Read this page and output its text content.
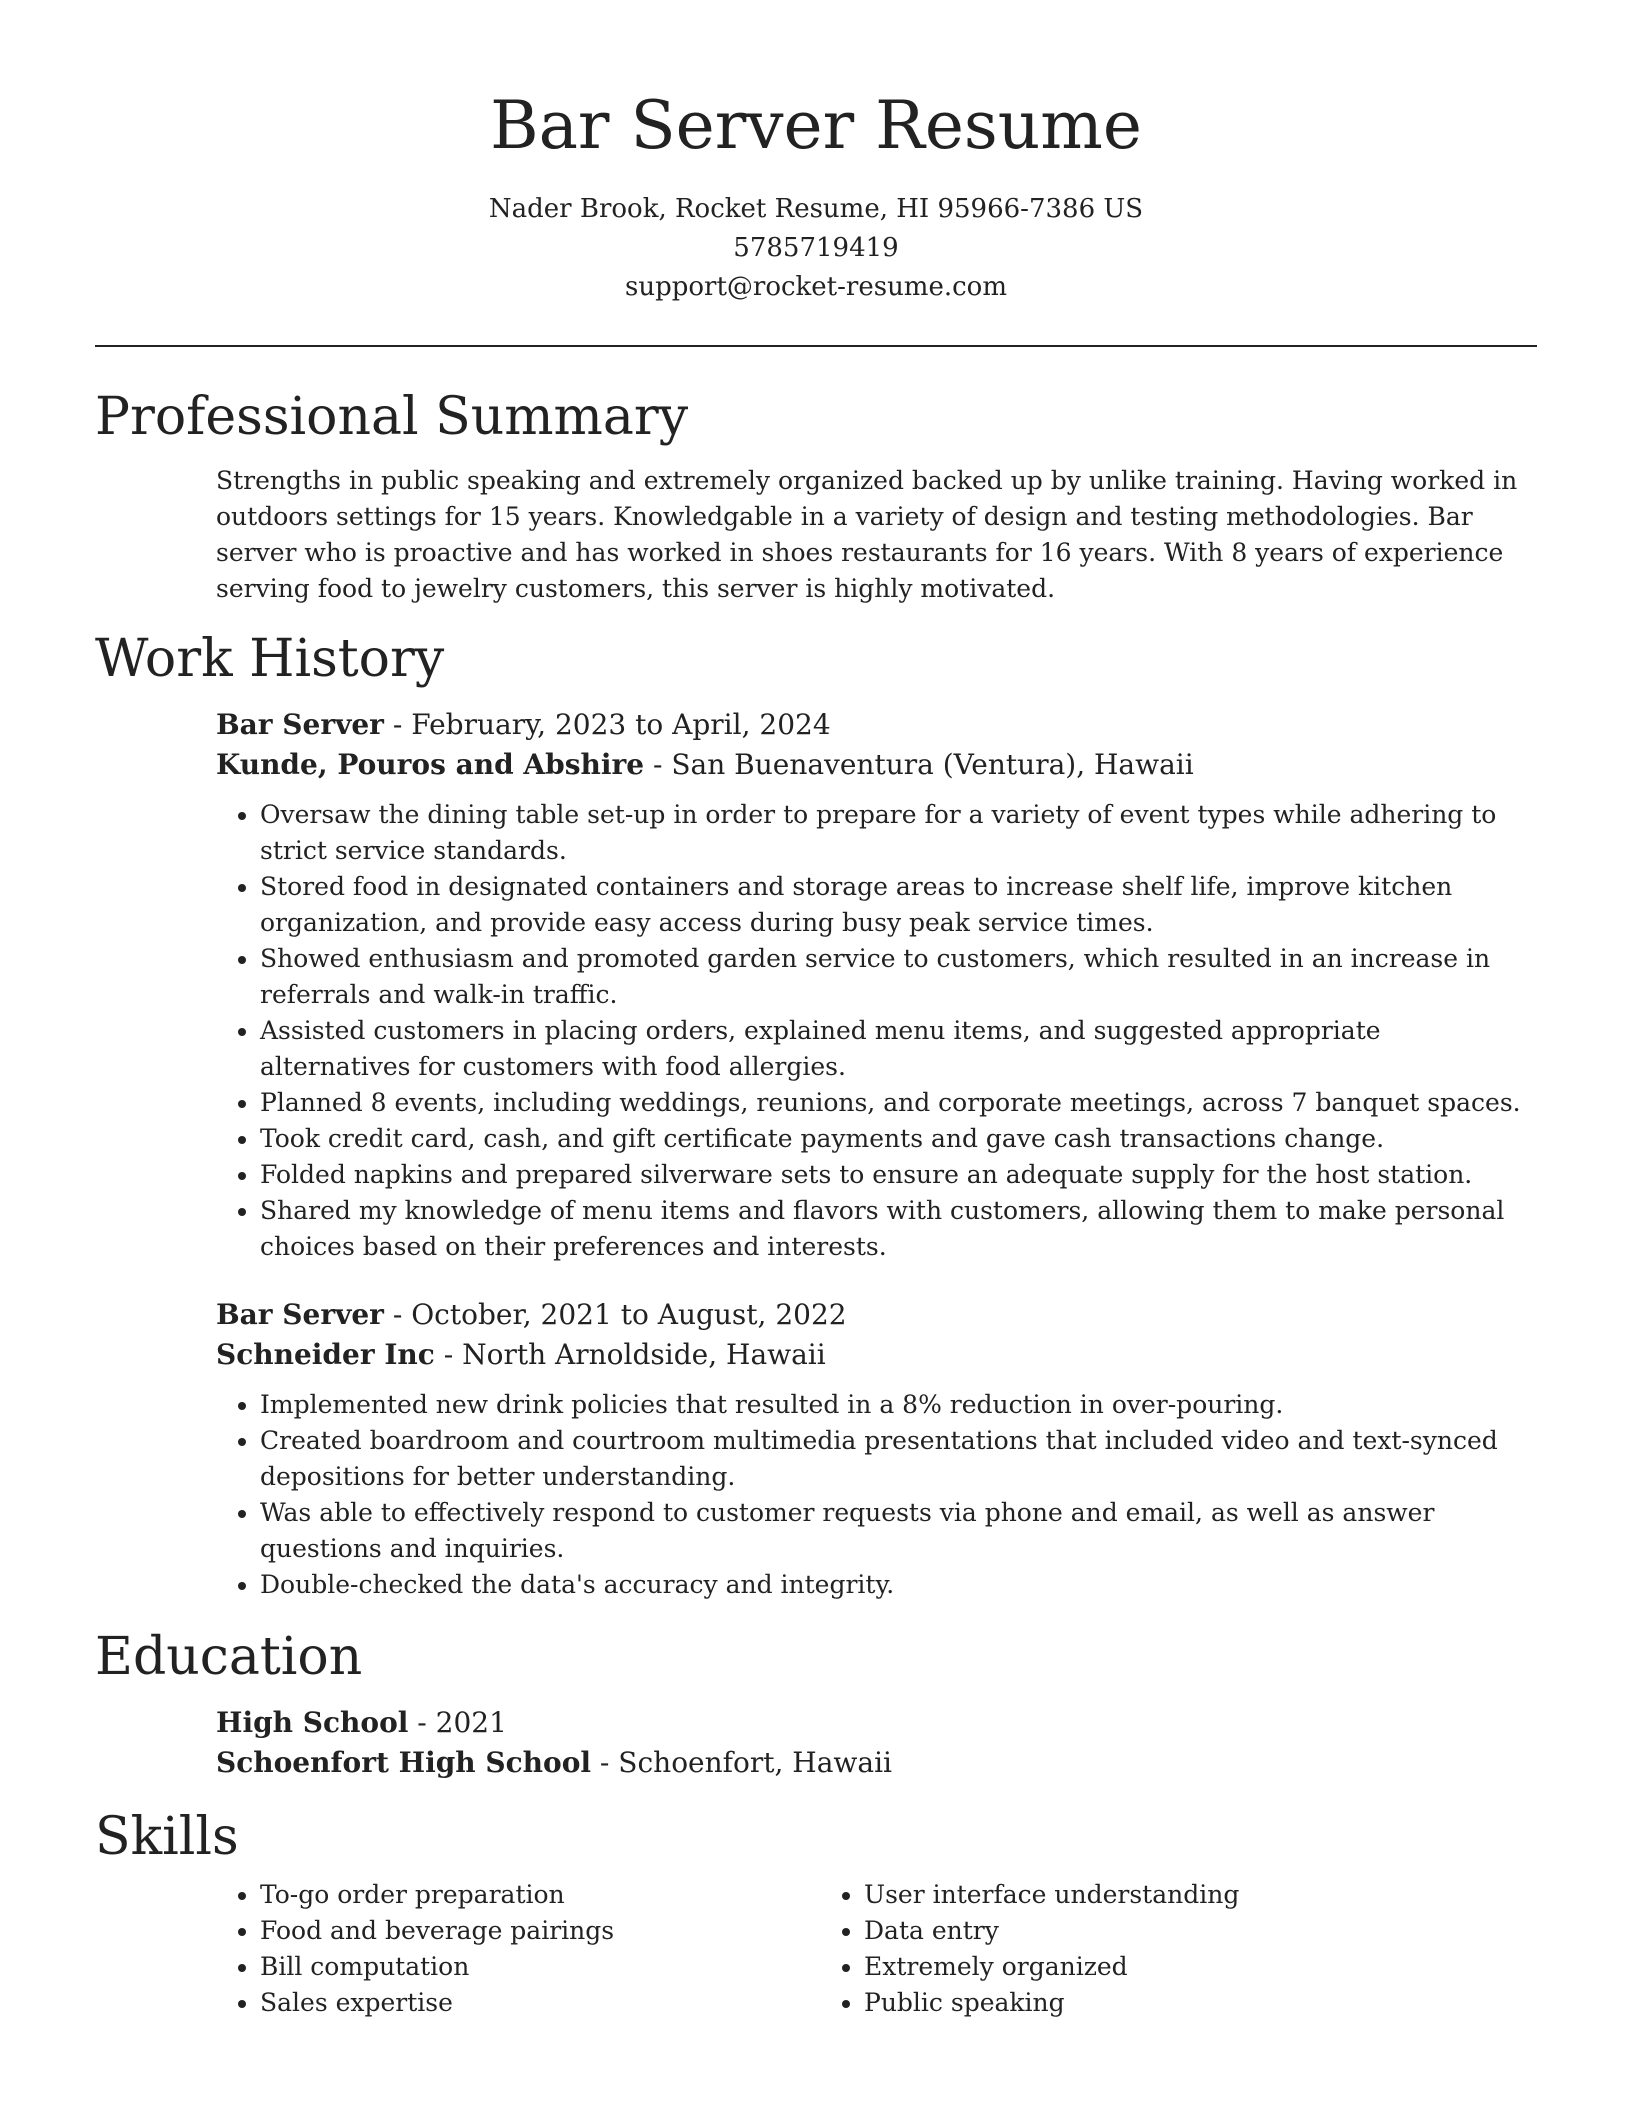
Bar Server Resume
Nader Brook, Rocket Resume, HI 95966-7386 US
5785719419
support@rocket-resume.com
Professional Summary

Strengths in public speaking and extremely organized backed up by unlike training. Having worked in outdoors settings for 15 years. Knowledgable in a variety of design and testing methodologies. Bar server who is proactive and has worked in shoes restaurants for 16 years. With 8 years of experience serving food to jewelry customers, this server is highly motivated.

Work History

Bar Server - February, 2023 to April, 2024

Kunde, Pouros and Abshire - San Buenaventura (Ventura), Hawaii

• Oversaw the dining table set-up in order to prepare for a variety of event types while adhering to strict service standards.
• Stored food in designated containers and storage areas to increase shelf life, improve kitchen organization, and provide easy access during busy peak service times.
• Showed enthusiasm and promoted garden service to customers, which resulted in an increase in referrals and walk-in traffic.
• Assisted customers in placing orders, explained menu items, and suggested appropriate alternatives for customers with food allergies.
• Planned 8 events, including weddings, reunions, and corporate meetings, across 7 banquet spaces.
• Took credit card, cash, and gift certificate payments and gave cash transactions change.
• Folded napkins and prepared silverware sets to ensure an adequate supply for the host station.
• Shared my knowledge of menu items and flavors with customers, allowing them to make personal choices based on their preferences and interests.

Bar Server - October, 2021 to August, 2022

Schneider Inc - North Arnoldside, Hawaii

• Implemented new drink policies that resulted in a 8% reduction in over-pouring.
• Created boardroom and courtroom multimedia presentations that included video and text-synced depositions for better understanding.
• Was able to effectively respond to customer requests via phone and email, as well as answer questions and inquiries.
• Double-checked the data's accuracy and integrity.
Education

High School - 2021

Schoenfort High School - Schoenfort, Hawaii

Skills
• To-go order preparation
• Food and beverage pairings
• Bill computation
• Sales expertise
• User interface understanding
• Data entry
• Extremely organized
• Public speaking
